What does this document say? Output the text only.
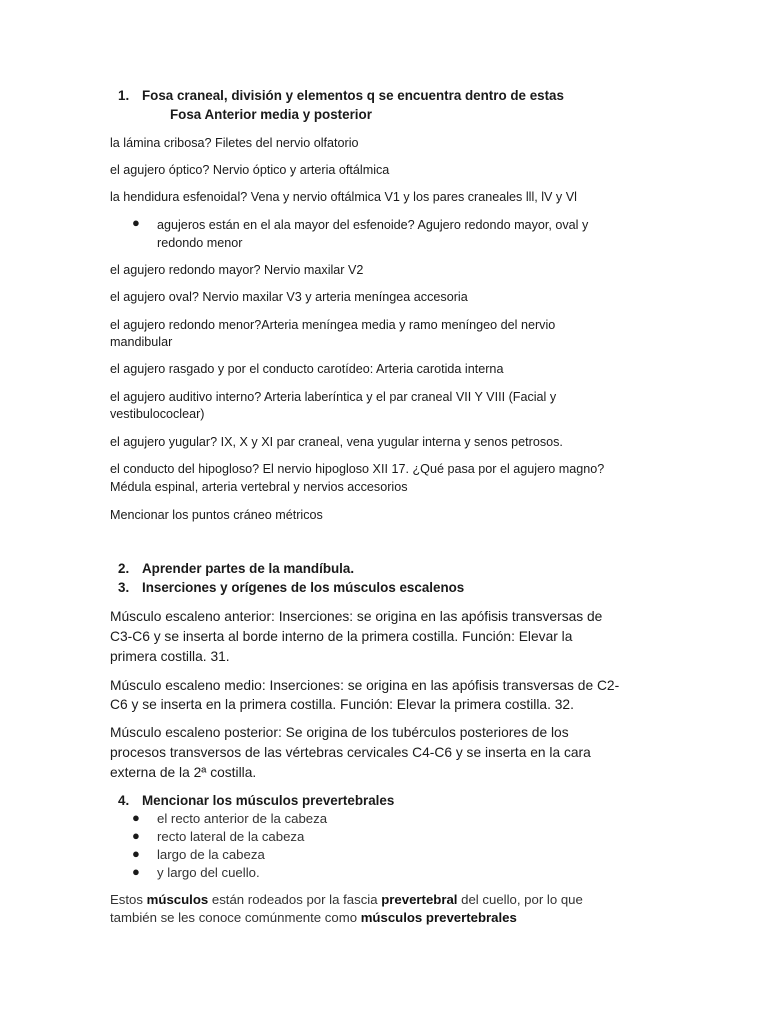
1. Fosa craneal, división y elementos q se encuentra dentro de estas
Fosa Anterior media y posterior
la lámina cribosa? Filetes del nervio olfatorio
el agujero óptico? Nervio óptico y arteria oftálmica
la hendidura esfenoidal? Vena y nervio oftálmica V1 y los pares craneales lll, lV y Vl
● agujeros están en el ala mayor del esfenoide? Agujero redondo mayor, oval y
redondo menor
el agujero redondo mayor? Nervio maxilar V2
el agujero oval? Nervio maxilar V3 y arteria meníngea accesoria
el agujero redondo menor?Arteria meníngea media y ramo meníngeo del nervio
mandibular
el agujero rasgado y por el conducto carotídeo: Arteria carotida interna
el agujero auditivo interno? Arteria laberíntica y el par craneal VII Y VIII (Facial y
vestibulococlear)
el agujero yugular? IX, X y XI par craneal, vena yugular interna y senos petrosos.
el conducto del hipogloso? El nervio hipogloso XII 17. ¿Qué pasa por el agujero magno?
Médula espinal, arteria vertebral y nervios accesorios
Mencionar los puntos cráneo métricos
2. Aprender partes de la mandíbula.
3. Inserciones y orígenes de los músculos escalenos
Músculo escaleno anterior: Inserciones: se origina en las apófisis transversas de
C3-C6 y se inserta al borde interno de la primera costilla. Función: Elevar la
primera costilla. 31.
Músculo escaleno medio: Inserciones: se origina en las apófisis transversas de C2-
C6 y se inserta en la primera costilla. Función: Elevar la primera costilla. 32.
Músculo escaleno posterior: Se origina de los tubérculos posteriores de los
procesos transversos de las vértebras cervicales C4-C6 y se inserta en la cara
externa de la 2ª costilla.
4. Mencionar los músculos prevertebrales
● el recto anterior de la cabeza
● recto lateral de la cabeza
● largo de la cabeza
● y largo del cuello.
Estos músculos están rodeados por la fascia prevertebral del cuello, por lo que
también se les conoce comúnmente como músculos prevertebrales
